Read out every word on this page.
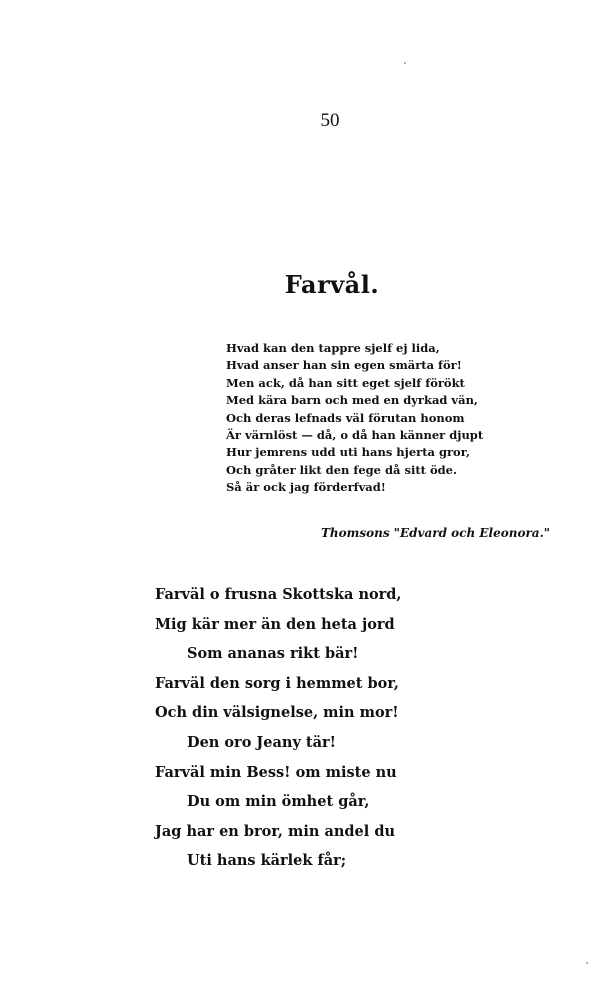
50
Farvål.
Hvad kan den tappre sjelf ej lida,
Hvad anser han sin egen smärta för!
Men ack, då han sitt eget sjelf förökt
Med kära barn och med en dyrkad vän,
Och deras lefnads väl förutan honom
Är värnlöst — då, o då han känner djupt
Hur jemrens udd uti hans hjerta gror,
Och gråter likt den fege då sitt öde.
Så är ock jag förderfvad!
Thomsons "Edvard och Eleonora."
Farväl o frusna Skottska nord,
Mig kär mer än den heta jord
Som ananas rikt bär!
Farväl den sorg i hemmet bor,
Och din välsignelse, min mor!
Den oro Jeany tär!
Farväl min Bess! om miste nu
Du om min ömhet går,
Jag har en bror, min andel du
Uti hans kärlek får;
